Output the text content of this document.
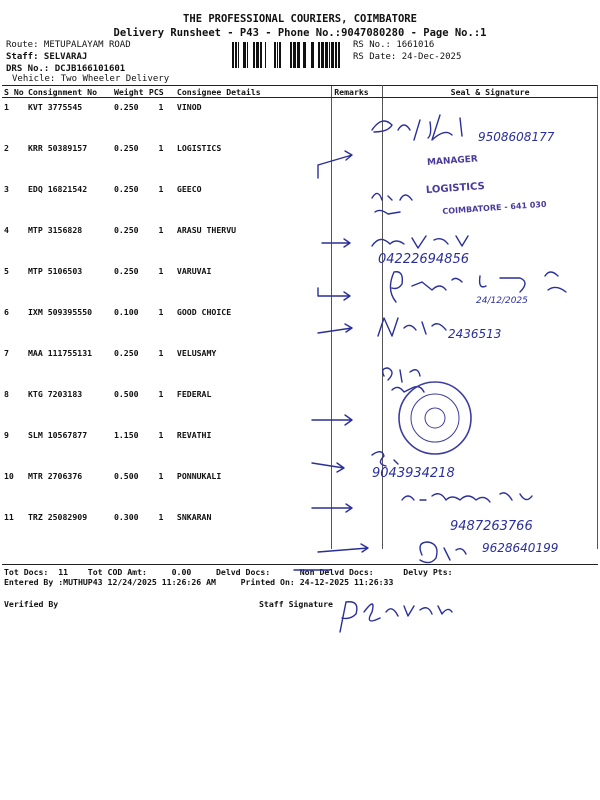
THE PROFESSIONAL COURIERS, COIMBATORE
Delivery Runsheet - P43 - Phone No.:9047080280 - Page No.:1
Route: METUPALAYAM ROAD
Staff: SELVARAJ
DRS No.: DCJB166101601
Vehicle: Two Wheeler Delivery
RS No.: 1661016
RS Date: 24-Dec-2025
S No	Consignment No	Weight	PCS	Consignee Details	Remarks	Seal & Signature
1	KVT 3775545	0.250	1	VINOD		
2	KRR 50389157	0.250	1	LOGISTICS		
3	EDQ 16821542	0.250	1	GEECO		
4	MTP 3156828	0.250	1	ARASU THERVU		
5	MTP 5106503	0.250	1	VARUVAI		
6	IXM 509395550	0.100	1	GOOD CHOICE		
7	MAA 111755131	0.250	1	VELUSAMY		
8	KTG 7203183	0.500	1	FEDERAL		
9	SLM 10567877	1.150	1	REVATHI		
10	MTR 2706376	0.500	1	PONNUKALI		
11	TRZ 25082909	0.300	1	SNKARAN		
Tot Docs:  11    Tot COD Amt:     0.00     Delvd Docs:      Non Delvd Docs:      Delvy Pts:
Entered By :MUTHUP43 12/24/2025 11:26:26 AM     Printed On: 24-12-2025 11:26:33
Verified By	Staff Signature
9508608177
MANAGER
LOGISTICS
COIMBATORE - 641 030
04222694856
24/12/2025
2436513
9043934218
9487263766
9628640199
